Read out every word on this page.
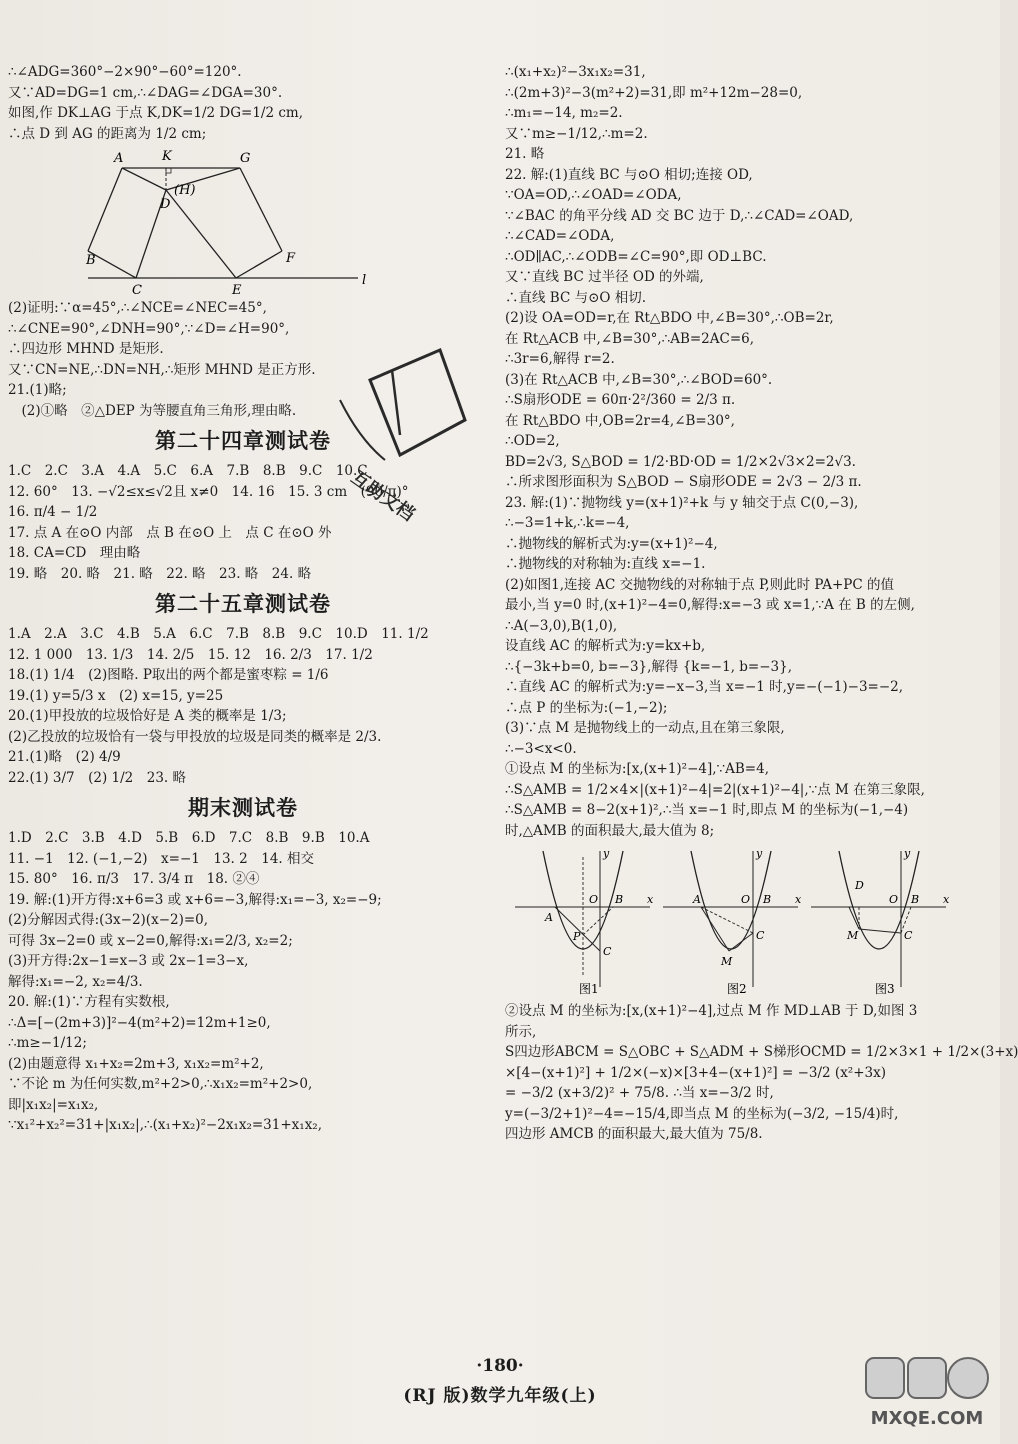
∴∠ADG=360°−2×90°−60°=120°.
又∵AD=DG=1 cm,∴∠DAG=∠DGA=30°.
如图,作 DK⊥AG 于点 K,DK=1/2 DG=1/2 cm,
∴点 D 到 AG 的距离为 1/2 cm;
A	K	G
D
(H)
B
C	E
F
l
(2)证明:∵α=45°,∴∠NCE=∠NEC=45°,
∴∠CNE=90°,∠DNH=90°,∵∠D=∠H=90°,
∴四边形 MHND 是矩形.
又∵CN=NE,∴DN=NH,∴矩形 MHND 是正方形.
21.(1)略;
　(2)①略　②△DEP 为等腰直角三角形,理由略.
第二十四章测试卷
1.C　2.C　3.A　4.A　5.C　6.A　7.B　8.B　9.C　10.C
12. 60°　13. −√2≤x≤√2且 x≠0　14. 16　15. 3 cm　(90/π)°
16. π/4 − 1/2
17. 点 A 在⊙O 内部　点 B 在⊙O 上　点 C 在⊙O 外
18. CA=CD　理由略
19. 略　20. 略　21. 略　22. 略　23. 略　24. 略
第二十五章测试卷
1.A　2.A　3.C　4.B　5.A　6.C　7.B　8.B　9.C　10.D　11. 1/2
12. 1 000　13. 1/3　14. 2/5　15. 12　16. 2/3　17. 1/2
18.(1) 1/4　(2)图略. P取出的两个都是蜜枣粽 = 1/6
19.(1) y=5/3 x　(2) x=15, y=25
20.(1)甲投放的垃圾恰好是 A 类的概率是 1/3;
(2)乙投放的垃圾恰有一袋与甲投放的垃圾是同类的概率是 2/3.
21.(1)略　(2) 4/9
22.(1) 3/7　(2) 1/2　23. 略
期末测试卷
1.D　2.C　3.B　4.D　5.B　6.D　7.C　8.B　9.B　10.A
11. −1　12. (−1,−2)　x=−1　13. 2　14. 相交
15. 80°　16. π/3　17. 3/4 π　18. ②④
19. 解:(1)开方得:x+6=3 或 x+6=−3,解得:x₁=−3, x₂=−9;
(2)分解因式得:(3x−2)(x−2)=0,
可得 3x−2=0 或 x−2=0,解得:x₁=2/3, x₂=2;
(3)开方得:2x−1=x−3 或 2x−1=3−x,
解得:x₁=−2, x₂=4/3.
20. 解:(1)∵方程有实数根,
∴Δ=[−(2m+3)]²−4(m²+2)=12m+1≥0,
∴m≥−1/12;
(2)由题意得 x₁+x₂=2m+3, x₁x₂=m²+2,
∵不论 m 为任何实数,m²+2>0,∴x₁x₂=m²+2>0,
即|x₁x₂|=x₁x₂,
∵x₁²+x₂²=31+|x₁x₂|,∴(x₁+x₂)²−2x₁x₂=31+x₁x₂,
∴(x₁+x₂)²−3x₁x₂=31,
∴(2m+3)²−3(m²+2)=31,即 m²+12m−28=0,
∴m₁=−14, m₂=2.
又∵m≥−1/12,∴m=2.
21. 略
22. 解:(1)直线 BC 与⊙O 相切;连接 OD,
∵OA=OD,∴∠OAD=∠ODA,
∵∠BAC 的角平分线 AD 交 BC 边于 D,∴∠CAD=∠OAD,
∴∠CAD=∠ODA,
∴OD∥AC,∴∠ODB=∠C=90°,即 OD⊥BC.
又∵直线 BC 过半径 OD 的外端,
∴直线 BC 与⊙O 相切.
(2)设 OA=OD=r,在 Rt△BDO 中,∠B=30°,∴OB=2r,
在 Rt△ACB 中,∠B=30°,∴AB=2AC=6,
∴3r=6,解得 r=2.
(3)在 Rt△ACB 中,∠B=30°,∴∠BOD=60°.
∴S扇形ODE = 60π·2²/360 = 2/3 π.
在 Rt△BDO 中,OB=2r=4,∠B=30°,
∴OD=2,
BD=2√3, S△BOD = 1/2·BD·OD = 1/2×2√3×2=2√3.
∴所求图形面积为 S△BOD − S扇形ODE = 2√3 − 2/3 π.
23. 解:(1)∵抛物线 y=(x+1)²+k 与 y 轴交于点 C(0,−3),
∴−3=1+k,∴k=−4,
∴抛物线的解析式为:y=(x+1)²−4,
∴抛物线的对称轴为:直线 x=−1.
(2)如图1,连接 AC 交抛物线的对称轴于点 P,则此时 PA+PC 的值
最小,当 y=0 时,(x+1)²−4=0,解得:x=−3 或 x=1,∵A 在 B 的左侧,
∴A(−3,0),B(1,0),
设直线 AC 的解析式为:y=kx+b,
∴{−3k+b=0, b=−3},解得 {k=−1, b=−3},
∴直线 AC 的解析式为:y=−x−3,当 x=−1 时,y=−(−1)−3=−2,
∴点 P 的坐标为:(−1,−2);
(3)∵点 M 是抛物线上的一动点,且在第三象限,
∴−3<x<0.
①设点 M 的坐标为:[x,(x+1)²−4],∵AB=4,
∴S△AMB = 1/2×4×|(x+1)²−4|=2|(x+1)²−4|,∵点 M 在第三象限,
∴S△AMB = 8−2(x+1)²,∴当 x=−1 时,即点 M 的坐标为(−1,−4)
时,△AMB 的面积最大,最大值为 8;
y
x
A
O B
P
C
图1
y
x
A	O B
M
C
图2
y
x
D
O B
M	C
图3
②设点 M 的坐标为:[x,(x+1)²−4],过点 M 作 MD⊥AB 于 D,如图 3
所示,
S四边形ABCM = S△OBC + S△ADM + S梯形OCMD = 1/2×3×1 + 1/2×(3+x)
×[4−(x+1)²] + 1/2×(−x)×[3+4−(x+1)²] = −3/2 (x²+3x)
= −3/2 (x+3/2)² + 75/8. ∴当 x=−3/2 时,
y=(−3/2+1)²−4=−15/4,即当点 M 的坐标为(−3/2, −15/4)时,
四边形 AMCB 的面积最大,最大值为 75/8.
互助文档
·180·
(RJ 版)数学九年级(上)
MXQE.COM
